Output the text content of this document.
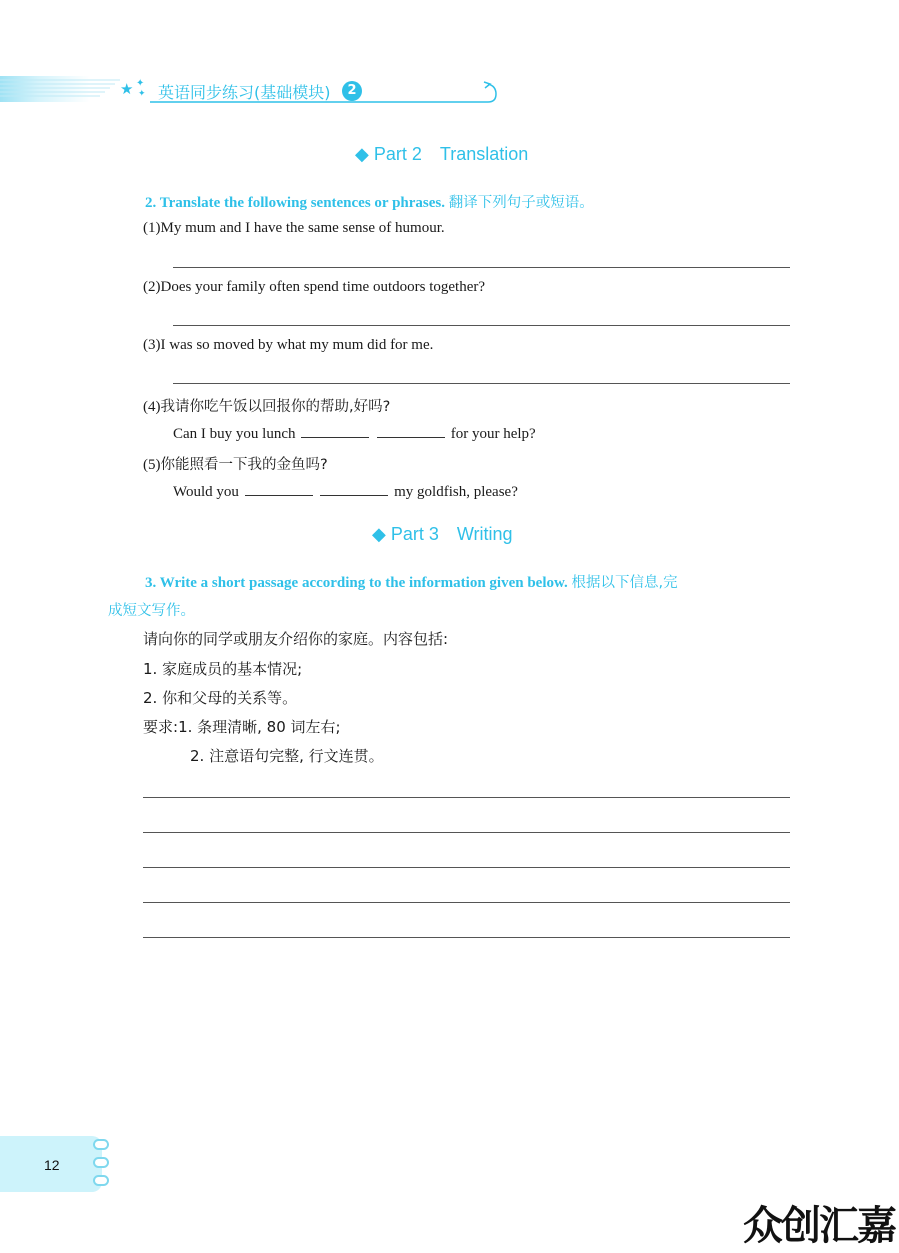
★ ✦
✦ 英语同步练习(基础模块)	2
◆ Part 2 Translation
2. Translate the following sentences or phrases. 翻译下列句子或短语。
(1)My mum and I have the same sense of humour.
(2)Does your family often spend time outdoors together?
(3)I was so moved by what my mum did for me.
(4)我请你吃午饭以回报你的帮助,好吗?
Can I buy you lunch	for your help?
(5)你能照看一下我的金鱼吗?
Would you	my goldfish, please?
◆ Part 3 Writing
3. Write a short passage according to the information given below. 根据以下信息,完
成短文写作。
请向你的同学或朋友介绍你的家庭。内容包括:
1. 家庭成员的基本情况;
2. 你和父母的关系等。
要求:1. 条理清晰, 80 词左右;
2. 注意语句完整, 行文连贯。
12
众创汇嘉
